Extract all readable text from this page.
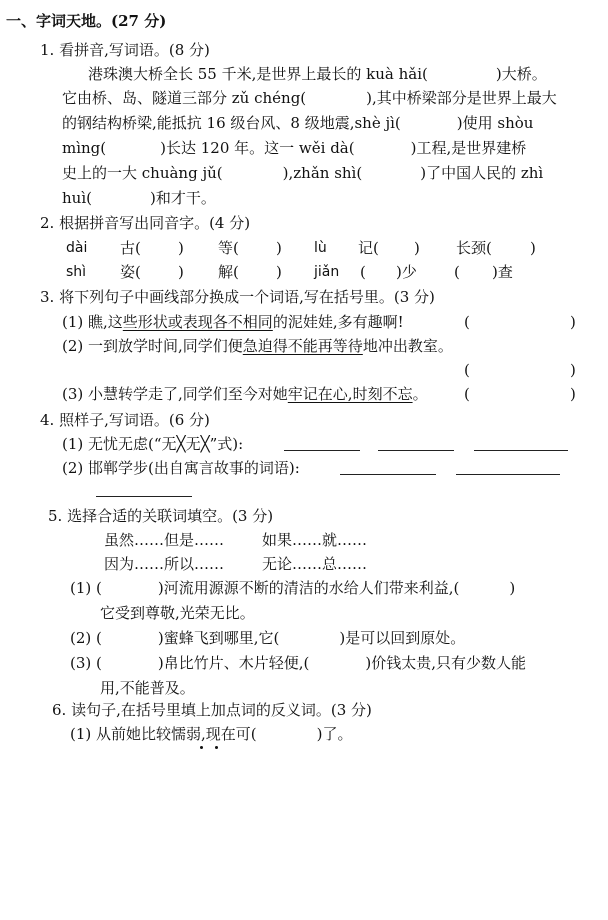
一、字词天地。(27 分)
1. 看拼音,写词语。(8 分)
港珠澳大桥全长 55 千米,是世界上最长的 kuà hǎi(	)大桥。
它由桥、岛、隧道三部分 zǔ chéng(	),其中桥梁部分是世界上最大
的钢结构桥梁,能抵抗 16 级台风、8 级地震,shè jì(	)使用 shòu
mìng(	)长达 120 年。这一 wěi dà(	)工程,是世界建桥
史上的一大 chuàng jǔ(	),zhǎn shì(	)了中国人民的 zhì
huì(	)和才干。
2. 根据拼音写出同音字。(4 分)
dài 古( ) 等( ) lù 记( ) 长颈(	)
shì 姿( ) 解( ) jiǎn ( )少 ( )查
3. 将下列句子中画线部分换成一个词语,写在括号里。(3 分)
(1) 瞧,这些形状或表现各不相同的泥娃娃,多有趣啊!	(	)
(2) 一到放学时间,同学们便急迫得不能再等待地冲出教室。
(	)
(3) 小慧转学走了,同学们至今对她牢记在心,时刻不忘。 (	)
4. 照样子,写词语。(6 分)
(1) 无忧无虑(“无╳无╳”式):
(2) 邯郸学步(出自寓言故事的词语):
5. 选择合适的关联词填空。(3 分)
虽然……但是……	如果……就……
因为……所以……	无论……总……
(1) (	)河流用源源不断的清洁的水给人们带来利益,(	)
它受到尊敬,光荣无比。
(2) (	)蜜蜂飞到哪里,它(	)是可以回到原处。
(3) (	)帛比竹片、木片轻便,(	)价钱太贵,只有少数人能
用,不能普及。
6. 读句子,在括号里填上加点词的反义词。(3 分)
(1) 从前她比较懦弱,现在可(	)了。
